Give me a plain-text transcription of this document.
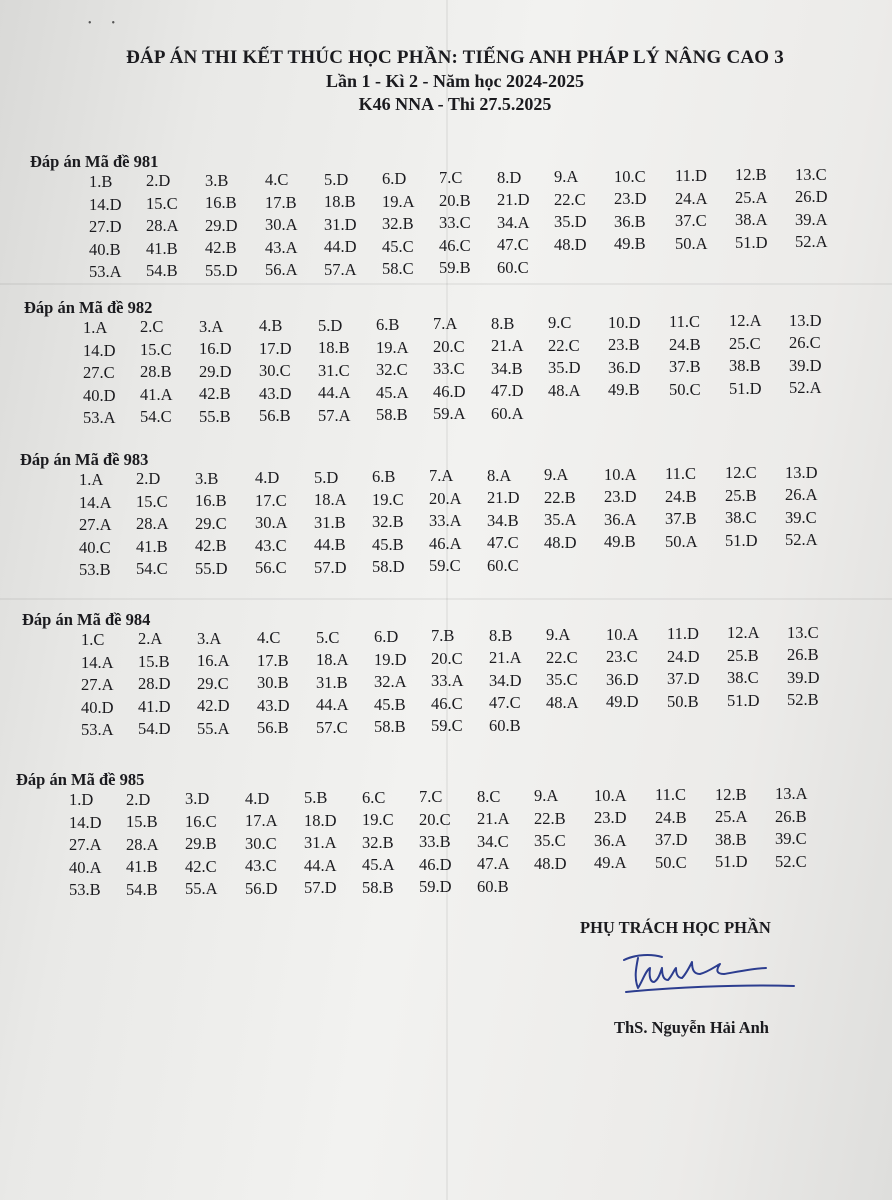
•        •
ĐÁP ÁN THI KẾT THÚC HỌC PHẦN: TIẾNG ANH PHÁP LÝ NÂNG CAO 3
Lần 1 - Kì 2 - Năm học 2024-2025
K46 NNA - Thi 27.5.2025
Đáp án Mã đề 981
1.B 2.D 3.B 4.C 5.D 6.D 7.C 8.D 9.A 10.C 11.D 12.B 13.C
14.D 15.C 16.B 17.B 18.B 19.A 20.B 21.D 22.C 23.D 24.A 25.A 26.D
27.D 28.A 29.D 30.A 31.D 32.B 33.C 34.A 35.D 36.B 37.C 38.A 39.A
40.B 41.B 42.B 43.A 44.D 45.C 46.C 47.C 48.D 49.B 50.A 51.D 52.A
53.A 54.B 55.D 56.A 57.A 58.C 59.B 60.C
Đáp án Mã đề 982
1.A 2.C 3.A 4.B 5.D 6.B 7.A 8.B 9.C 10.D 11.C 12.A 13.D
14.D 15.C 16.D 17.D 18.B 19.A 20.C 21.A 22.C 23.B 24.B 25.C 26.C
27.C 28.B 29.D 30.C 31.C 32.C 33.C 34.B 35.D 36.D 37.B 38.B 39.D
40.D 41.A 42.B 43.D 44.A 45.A 46.D 47.D 48.A 49.B 50.C 51.D 52.A
53.A 54.C 55.B 56.B 57.A 58.B 59.A 60.A
Đáp án Mã đề 983
1.A 2.D 3.B 4.D 5.D 6.B 7.A 8.A 9.A 10.A 11.C 12.C 13.D
14.A 15.C 16.B 17.C 18.A 19.C 20.A 21.D 22.B 23.D 24.B 25.B 26.A
27.A 28.A 29.C 30.A 31.B 32.B 33.A 34.B 35.A 36.A 37.B 38.C 39.C
40.C 41.B 42.B 43.C 44.B 45.B 46.A 47.C 48.D 49.B 50.A 51.D 52.A
53.B 54.C 55.D 56.C 57.D 58.D 59.C 60.C
Đáp án Mã đề 984
1.C 2.A 3.A 4.C 5.C 6.D 7.B 8.B 9.A 10.A 11.D 12.A 13.C
14.A 15.B 16.A 17.B 18.A 19.D 20.C 21.A 22.C 23.C 24.D 25.B 26.B
27.A 28.D 29.C 30.B 31.B 32.A 33.A 34.D 35.C 36.D 37.D 38.C 39.D
40.D 41.D 42.D 43.D 44.A 45.B 46.C 47.C 48.A 49.D 50.B 51.D 52.B
53.A 54.D 55.A 56.B 57.C 58.B 59.C 60.B
Đáp án Mã đề 985
1.D 2.D 3.D 4.D 5.B 6.C 7.C 8.C 9.A 10.A 11.C 12.B 13.A
14.D 15.B 16.C 17.A 18.D 19.C 20.C 21.A 22.B 23.D 24.B 25.A 26.B
27.A 28.A 29.B 30.C 31.A 32.B 33.B 34.C 35.C 36.A 37.D 38.B 39.C
40.A 41.B 42.C 43.C 44.A 45.A 46.D 47.A 48.D 49.A 50.C 51.D 52.C
53.B 54.B 55.A 56.D 57.D 58.B 59.D 60.B
PHỤ TRÁCH HỌC PHẦN
ThS. Nguyễn Hải Anh
